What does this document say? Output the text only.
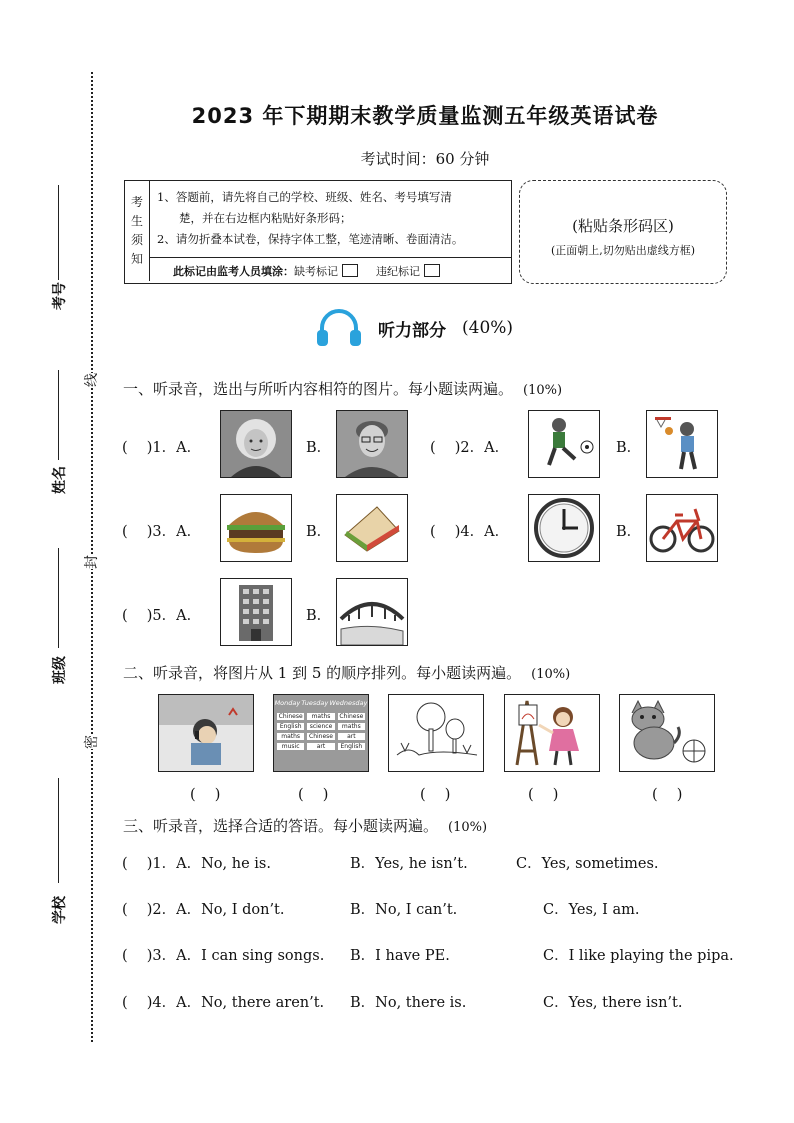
考号
姓名
班级
学校
线
封
密
2023 年下期期末教学质量监测五年级英语试卷
考试时间：60 分钟
考
生
须
知
1、答题前，请先将自己的学校、班级、姓名、考号填写清
楚，并在右边框内粘贴好条形码；
2、请勿折叠本试卷，保持字体工整，笔迹清晰、卷面清洁。
此标记由监考人员填涂： 缺考标记	违纪标记
(粘贴条形码区)
(正面朝上,切勿贴出虚线方框)
听力部分 (40%)
一、听录音，选出与所听内容相符的图片。每小题读两遍。 (10%)
(　 )1．A．	B．	(　 )2．A．	B．
(　 )3．A．	B．	(　 )4．A．	B．
(　 )5．A．	B．
二、听录音，将图片从 1 到 5 的顺序排列。每小题读两遍。 (10%)
Monday Tuesday Wednesday
Chinese	maths	Chinese
English	science	maths
maths	Chinese	art
music	art	English
(　 )	(　 )	(　 )	(　 )	(　 )
三、听录音，选择合适的答语。每小题读两遍。 (10%)
(　 )1．A．No, he is.	B．Yes, he isn’t.	C．Yes, sometimes.
(　 )2．A．No, I don’t.	B．No, I can’t.	C．Yes, I am.
(　 )3．A．I can sing songs. B．I have PE.	C．I like playing the pipa.
(　 )4．A．No, there aren’t. B．No, there is.	C．Yes, there isn’t.
